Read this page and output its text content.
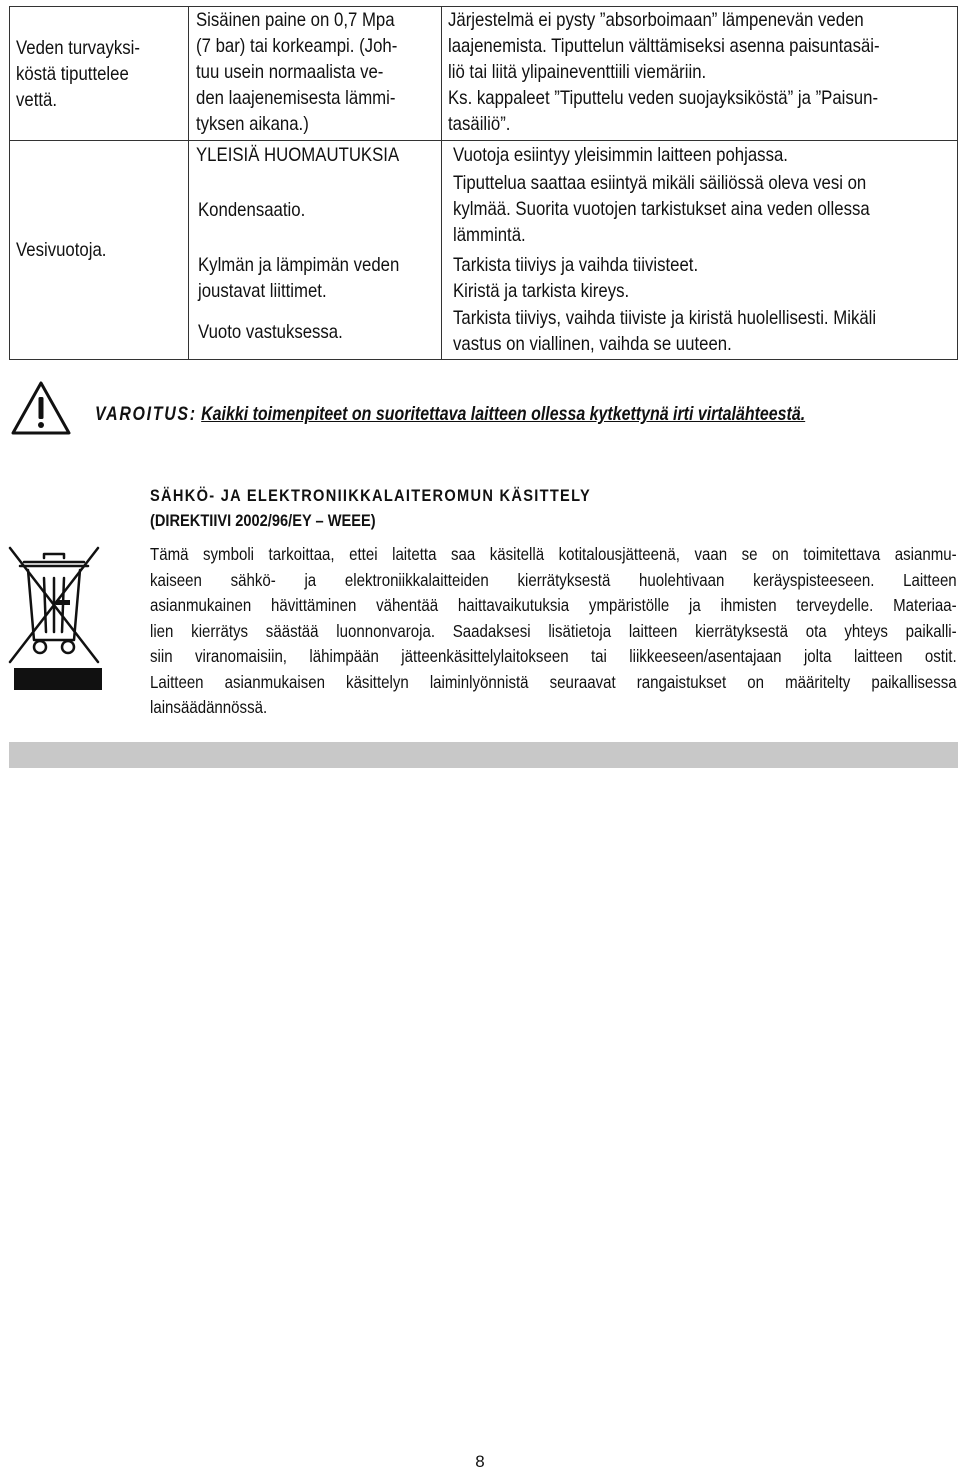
Veden turvayksi-
köstä tiputtelee
vettä.
Sisäinen paine on 0,7 Mpa
(7 bar) tai korkeampi. (Joh-
tuu usein normaalista ve-
den laajenemisesta lämmi-
tyksen aikana.)
Järjestelmä ei pysty ”absorboimaan” lämpenevän veden
laajenemista. Tiputtelun välttämiseksi asenna paisuntasäi-
liö tai liitä ylipaineventtiili viemäriin.
Ks. kappaleet ”Tiputtelu veden suojayksiköstä” ja ”Paisun-
tasäiliö”.
Vesivuotoja.
YLEISIÄ HUOMAUTUKSIA	Vuotoja esiintyy yleisimmin laitteen pohjassa.
Kondensaatio.
Tiputtelua saattaa esiintyä mikäli säiliössä oleva vesi on
kylmää. Suorita vuotojen tarkistukset aina veden ollessa
lämmintä.
Kylmän ja lämpimän veden
joustavat liittimet.
Tarkista tiiviys ja vaihda tiivisteet.
Kiristä ja tarkista kireys.
Vuoto vastuksessa.
Tarkista tiiviys, vaihda tiiviste ja kiristä huolellisesti. Mikäli
vastus on viallinen, vaihda se uuteen.
VAROITUS: Kaikki toimenpiteet on suoritettava laitteen ollessa kytkettynä irti virtalähteestä.
SÄHKÖ- JA ELEKTRONIIKKALAITEROMUN KÄSITTELY
(DIREKTIIVI 2002/96/EY – WEEE)
Tämä symboli tarkoittaa, ettei laitetta saa käsitellä kotitalousjätteenä, vaan se on toimitettava asianmu-
kaiseen sähkö- ja elektroniikkalaitteiden kierrätyksestä huolehtivaan keräyspisteeseen. Laitteen
asianmukainen hävittäminen vähentää haittavaikutuksia ympäristölle ja ihmisten terveydelle. Materiaa-
lien kierrätys säästää luonnonvaroja. Saadaksesi lisätietoja laitteen kierrätyksestä ota yhteys paikalli-
siin viranomaisiin, lähimpään jätteenkäsittelylaitokseen tai liikkeeseen/asentajaan jolta laitteen ostit.
Laitteen asianmukaisen käsittelyn laiminlyönnistä seuraavat rangaistukset on määritelty paikallisessa
lainsäädännössä.
8
